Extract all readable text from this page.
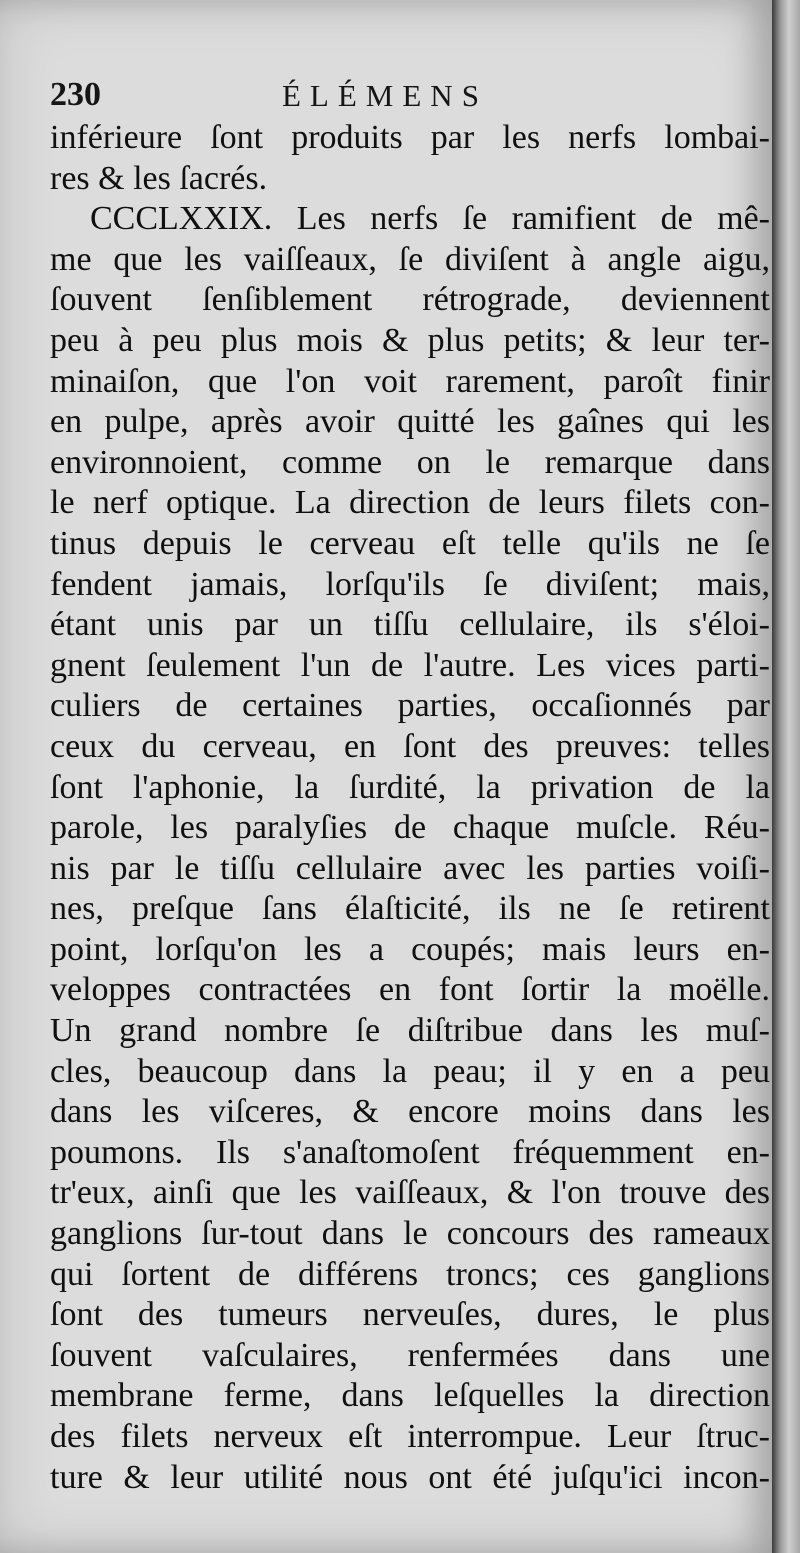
230	ÉLÉMENS
inférieure ſont produits par les nerfs lombai-
res & les ſacrés.
CCCLXXIX. Les nerfs ſe ramifient de mê-
me que les vaiſſeaux, ſe diviſent à angle aigu,
ſouvent ſenſiblement rétrograde, deviennent
peu à peu plus mois & plus petits; & leur ter-
minaiſon, que l'on voit rarement, paroît finir
en pulpe, après avoir quitté les gaînes qui les
environnoient, comme on le remarque dans
le nerf optique. La direction de leurs filets con-
tinus depuis le cerveau eſt telle qu'ils ne ſe
fendent jamais, lorſqu'ils ſe diviſent; mais,
étant unis par un tiſſu cellulaire, ils s'éloi-
gnent ſeulement l'un de l'autre. Les vices parti-
culiers de certaines parties, occaſionnés par
ceux du cerveau, en ſont des preuves: telles
ſont l'aphonie, la ſurdité, la privation de la
parole, les paralyſies de chaque muſcle. Réu-
nis par le tiſſu cellulaire avec les parties voiſi-
nes, preſque ſans élaſticité, ils ne ſe retirent
point, lorſqu'on les a coupés; mais leurs en-
veloppes contractées en font ſortir la moëlle.
Un grand nombre ſe diſtribue dans les muſ-
cles, beaucoup dans la peau; il y en a peu
dans les viſceres, & encore moins dans les
poumons. Ils s'anaſtomoſent fréquemment en-
tr'eux, ainſi que les vaiſſeaux, & l'on trouve des
ganglions ſur-tout dans le concours des rameaux
qui ſortent de différens troncs; ces ganglions
ſont des tumeurs nerveuſes, dures, le plus
ſouvent vaſculaires, renfermées dans une
membrane ferme, dans leſquelles la direction
des filets nerveux eſt interrompue. Leur ſtruc-
ture & leur utilité nous ont été juſqu'ici incon-
